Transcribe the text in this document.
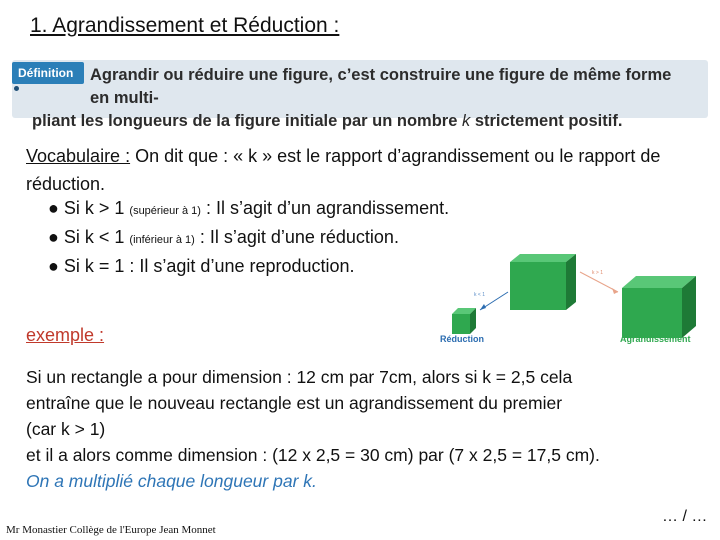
1. Agrandissement et Réduction :
Définition	Agrandir ou réduire une figure, c’est construire une figure de même forme en multi-
pliant les longueurs de la figure initiale par un nombre k strictement positif.
Vocabulaire : On dit que : « k » est le rapport d’agrandissement ou le rapport de réduction.
● Si k > 1 (supérieur à 1) : Il s’agit d’un agrandissement.
● Si k < 1 (inférieur à 1) : Il s’agit d’une réduction.
● Si k = 1 : Il s’agit d’une reproduction.
k < 1
k > 1
Réduction	Agrandissement
exemple :
Si un rectangle a pour dimension : 12 cm par 7cm, alors si k = 2,5 cela
entraîne que le nouveau rectangle est un agrandissement du premier
(car k > 1)
et il a alors comme dimension : (12 x 2,5 = 30 cm) par (7 x 2,5 = 17,5 cm).
On a multiplié chaque longueur par k.
Mr Monastier Collège de l'Europe Jean Monnet
… / …
